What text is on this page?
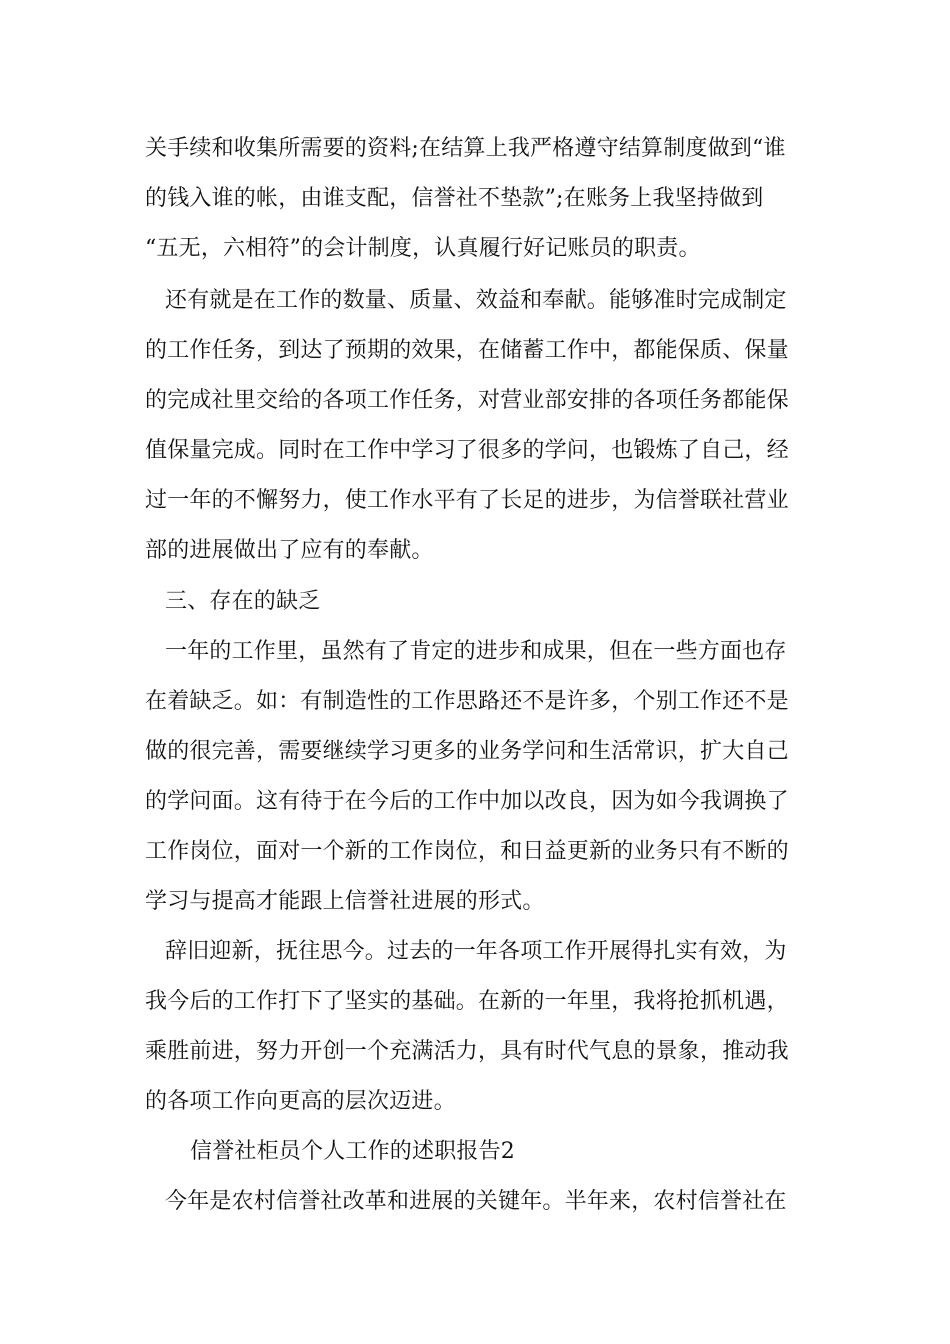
关手续和收集所需要的资料;在结算上我严格遵守结算制度做到“谁
的钱入谁的帐，由谁支配，信誉社不垫款”;在账务上我坚持做到
“五无，六相符”的会计制度，认真履行好记账员的职责。
还有就是在工作的数量、质量、效益和奉献。能够准时完成制定
的工作任务，到达了预期的效果，在储蓄工作中，都能保质、保量
的完成社里交给的各项工作任务，对营业部安排的各项任务都能保
值保量完成。同时在工作中学习了很多的学问，也锻炼了自己，经
过一年的不懈努力，使工作水平有了长足的进步，为信誉联社营业
部的进展做出了应有的奉献。
三、存在的缺乏
一年的工作里，虽然有了肯定的进步和成果，但在一些方面也存
在着缺乏。如：有制造性的工作思路还不是许多，个别工作还不是
做的很完善，需要继续学习更多的业务学问和生活常识，扩大自己
的学问面。这有待于在今后的工作中加以改良，因为如今我调换了
工作岗位，面对一个新的工作岗位，和日益更新的业务只有不断的
学习与提高才能跟上信誉社进展的形式。
辞旧迎新，抚往思今。过去的一年各项工作开展得扎实有效，为
我今后的工作打下了坚实的基础。在新的一年里，我将抢抓机遇，
乘胜前进，努力开创一个充满活力，具有时代气息的景象，推动我
的各项工作向更高的层次迈进。
信誉社柜员个人工作的述职报告2
今年是农村信誉社改革和进展的关键年。半年来，农村信誉社在
